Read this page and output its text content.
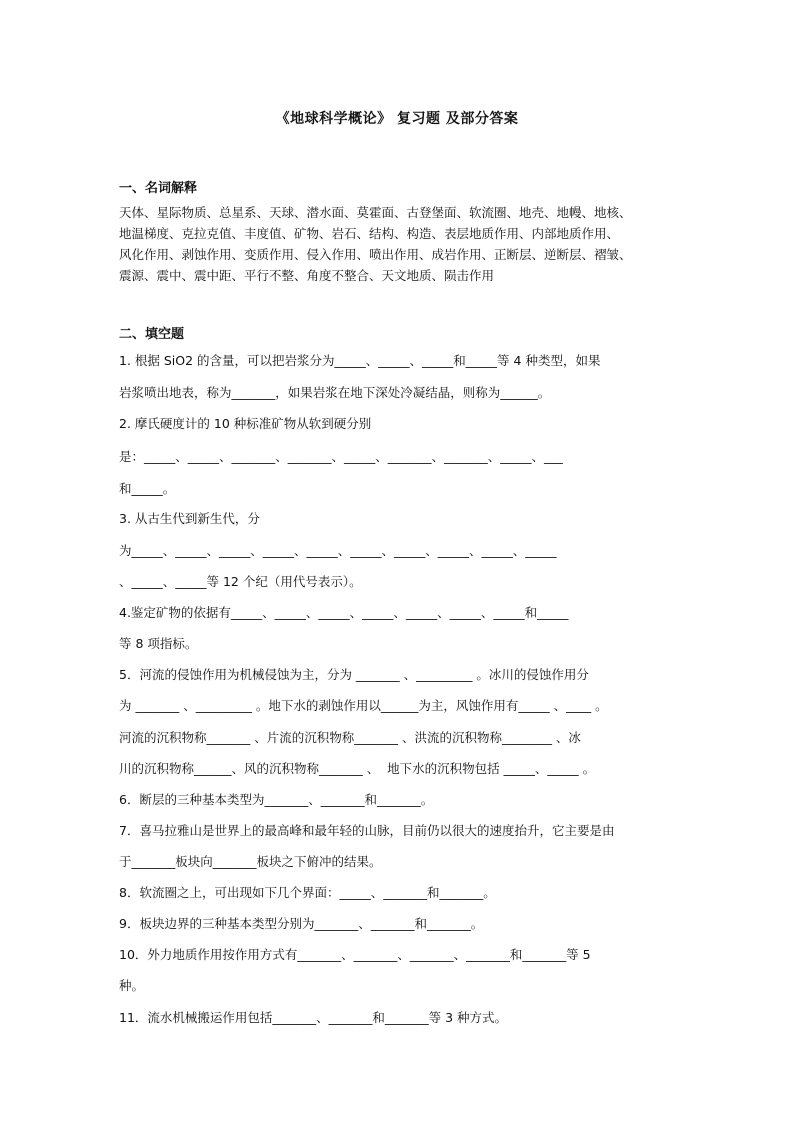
《地球科学概论》 复习题 及部分答案
一、名词解释
天体、星际物质、总星系、天球、潜水面、莫霍面、古登堡面、软流圈、地壳、地幔、地核、
地温梯度、克拉克值、丰度值、矿物、岩石、结构、构造、表层地质作用、内部地质作用、
风化作用、剥蚀作用、变质作用、侵入作用、喷出作用、成岩作用、正断层、逆断层、褶皱、
震源、震中、震中距、平行不整、角度不整合、天文地质、陨击作用
二、填空题
1. 根据 SiO2 的含量，可以把岩浆分为_____、_____、_____和_____等 4 种类型，如果
岩浆喷出地表，称为_______，如果岩浆在地下深处冷凝结晶，则称为______。
2. 摩氏硬度计的 10 种标准矿物从软到硬分别
是：_____、_____、_______、_______、_____、_______、_______、_____、___
和_____。
3. 从古生代到新生代，分
为_____、_____、_____、_____、_____、_____、_____、_____、_____、_____
、_____、_____等 12 个纪（用代号表示）。
4.鉴定矿物的依据有_____、_____、_____、_____、_____、_____、_____和_____
等 8 项指标。
5．河流的侵蚀作用为机械侵蚀为主，分为 _______ 、_________ 。冰川的侵蚀作用分
为 _______ 、_________ 。地下水的剥蚀作用以______为主，风蚀作用有_____ 、____ 。
河流的沉积物称_______ 、片流的沉积物称_______ 、洪流的沉积物称________ 、冰
川的沉积物称______、风的沉积物称_______ 、  地下水的沉积物包括 _____、_____ 。
6．断层的三种基本类型为_______、_______和_______。
7．喜马拉雅山是世界上的最高峰和最年轻的山脉，目前仍以很大的速度抬升，它主要是由
于_______板块向_______板块之下俯冲的结果。
8．软流圈之上，可出现如下几个界面：_____、_______和_______。
9．板块边界的三种基本类型分别为_______、_______和_______。
10．外力地质作用按作用方式有_______、_______、_______、_______和_______等 5
种。
11．流水机械搬运作用包括_______、_______和_______等 3 种方式。
